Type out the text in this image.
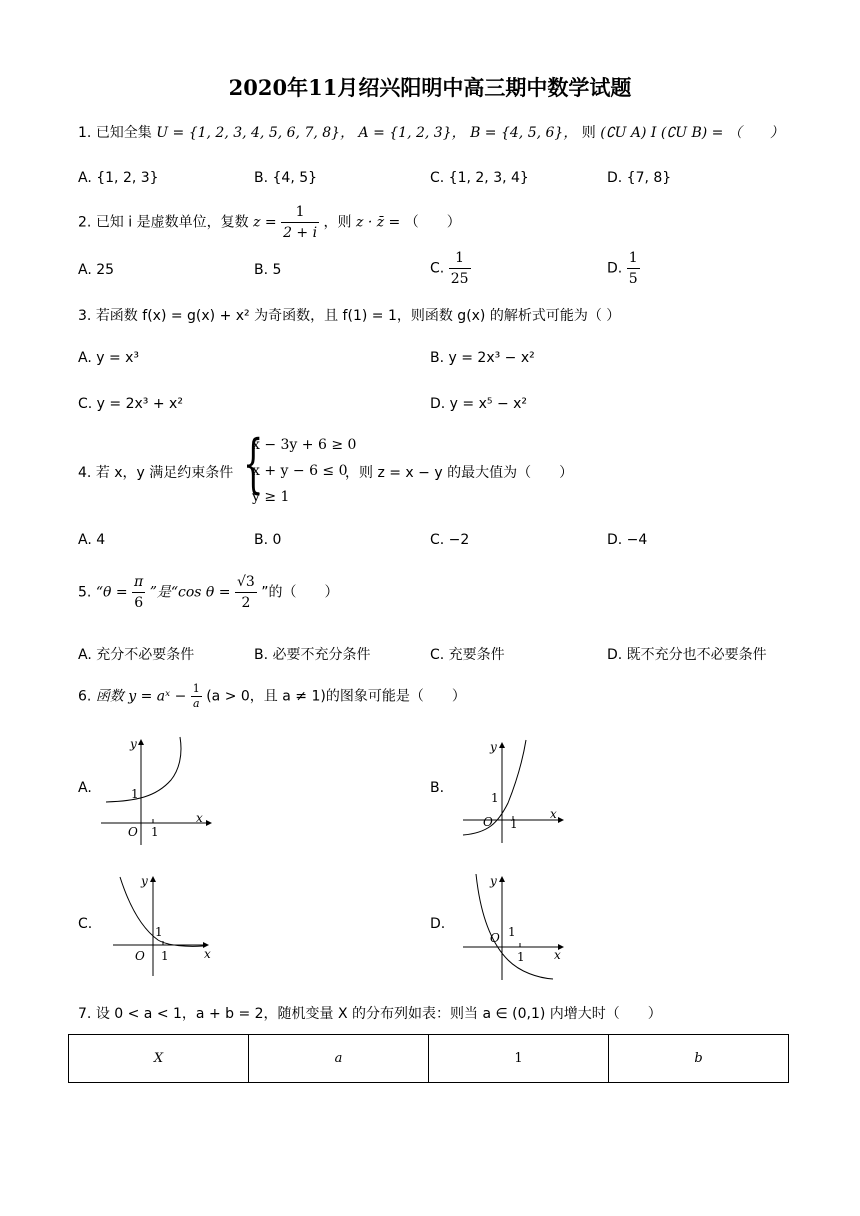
2020年11月绍兴阳明中高三期中数学试题
1. 已知全集 U = {1, 2, 3, 4, 5, 6, 7, 8}， A = {1, 2, 3}， B = {4, 5, 6}， 则 (∁U A) I (∁U B) = （　　）
A. {1, 2, 3}	B. {4, 5}	C. {1, 2, 3, 4}	D. {7, 8}
2. 已知 i 是虚数单位，复数 $z = \frac{1}{2 + i}$ ，则 z · z̄ = （　　）
A. 25	B. 5	C. $\frac{1}{25}$	D. $\frac{1}{5}$
3. 若函数 f(x) = g(x) + x² 为奇函数，且 f(1) = 1，则函数 g(x) 的解析式可能为（ ）
A. y = x³	B. y = 2x³ − x²
C. y = 2x³ + x²	D. y = x⁵ − x²
4. 若 x，y 满足约束条件 {
x − 3y + 6 ≥ 0
x + y − 6 ≤ 0
y ≥ 1
，则 z = x − y 的最大值为（　　）
A. 4	B. 0	C. −2	D. −4
5. “$\theta = \frac{\pi}{6}$ ”是“cos $\theta = \frac{√3}{2}$ ”的（　　）
A. 充分不必要条件	B. 必要不充分条件	C. 充要条件	D. 既不充分也不必要条件
6. 函数 y = aˣ − $\frac{1}{a} (a > 0$，且 a ≠ 1)的图象可能是（　　）
A.
y
x
O 1
1	B.
y
x
O 1
1
C.
y
x
O 1
1	D.
y
x
O
1
1
7. 设 0 < a < 1，a + b = 2，随机变量 X 的分布列如表：则当 a ∈ (0,1) 内增大时（　　）
X	a	1	b
